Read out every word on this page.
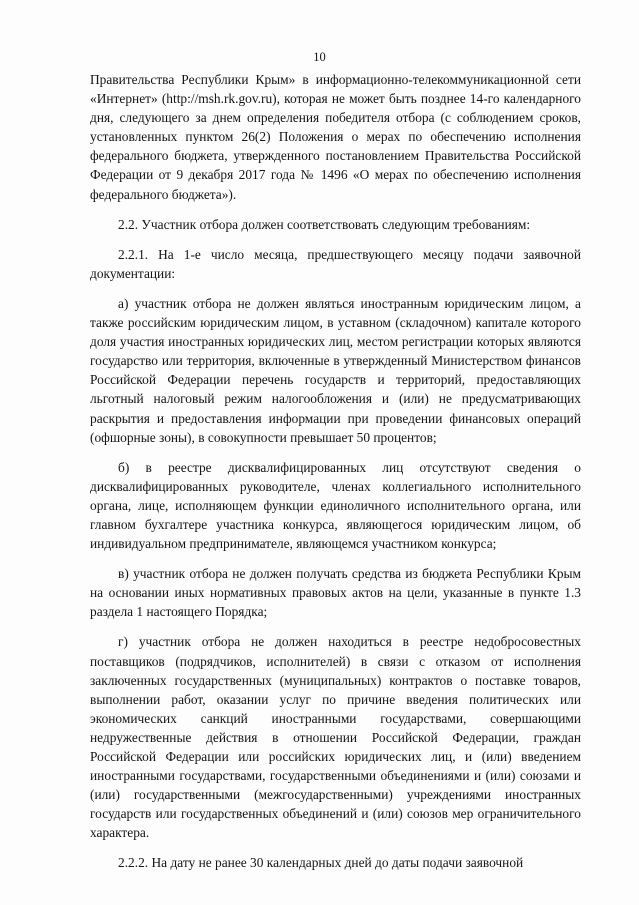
10

Правительства Республики Крым» в информационно-телекоммуникационной сети «Интернет» (http://msh.rk.gov.ru), которая не может быть позднее 14-го календарного дня, следующего за днем определения победителя отбора (с соблюдением сроков, установленных пунктом 26(2) Положения о мерах по обеспечению исполнения федерального бюджета, утвержденного постановлением Правительства Российской Федерации от 9 декабря 2017 года № 1496 «О мерах по обеспечению исполнения федерального бюджета»).

2.2. Участник отбора должен соответствовать следующим требованиям:

2.2.1. На 1-е число месяца, предшествующего месяцу подачи заявочной документации:

а) участник отбора не должен являться иностранным юридическим лицом, а также российским юридическим лицом, в уставном (складочном) капитале которого доля участия иностранных юридических лиц, местом регистрации которых являются государство или территория, включенные в утвержденный Министерством финансов Российской Федерации перечень государств и территорий, предоставляющих льготный налоговый режим налогообложения и (или) не предусматривающих раскрытия и предоставления информации при проведении финансовых операций (офшорные зоны), в совокупности превышает 50 процентов;

б) в реестре дисквалифицированных лиц отсутствуют сведения о дисквалифицированных руководителе, членах коллегиального исполнительного органа, лице, исполняющем функции единоличного исполнительного органа, или главном бухгалтере участника конкурса, являющегося юридическим лицом, об индивидуальном предпринимателе, являющемся участником конкурса;

в) участник отбора не должен получать средства из бюджета Республики Крым на основании иных нормативных правовых актов на цели, указанные в пункте 1.3 раздела 1 настоящего Порядка;

г) участник отбора не должен находиться в реестре недобросовестных поставщиков (подрядчиков, исполнителей) в связи с отказом от исполнения заключенных государственных (муниципальных) контрактов о поставке товаров, выполнении работ, оказании услуг по причине введения политических или экономических санкций иностранными государствами, совершающими недружественные действия в отношении Российской Федерации, граждан Российской Федерации или российских юридических лиц, и (или) введением иностранными государствами, государственными объединениями и (или) союзами и (или) государственными (межгосударственными) учреждениями иностранных государств или государственных объединений и (или) союзов мер ограничительного характера.

2.2.2. На дату не ранее 30 календарных дней до даты подачи заявочной
